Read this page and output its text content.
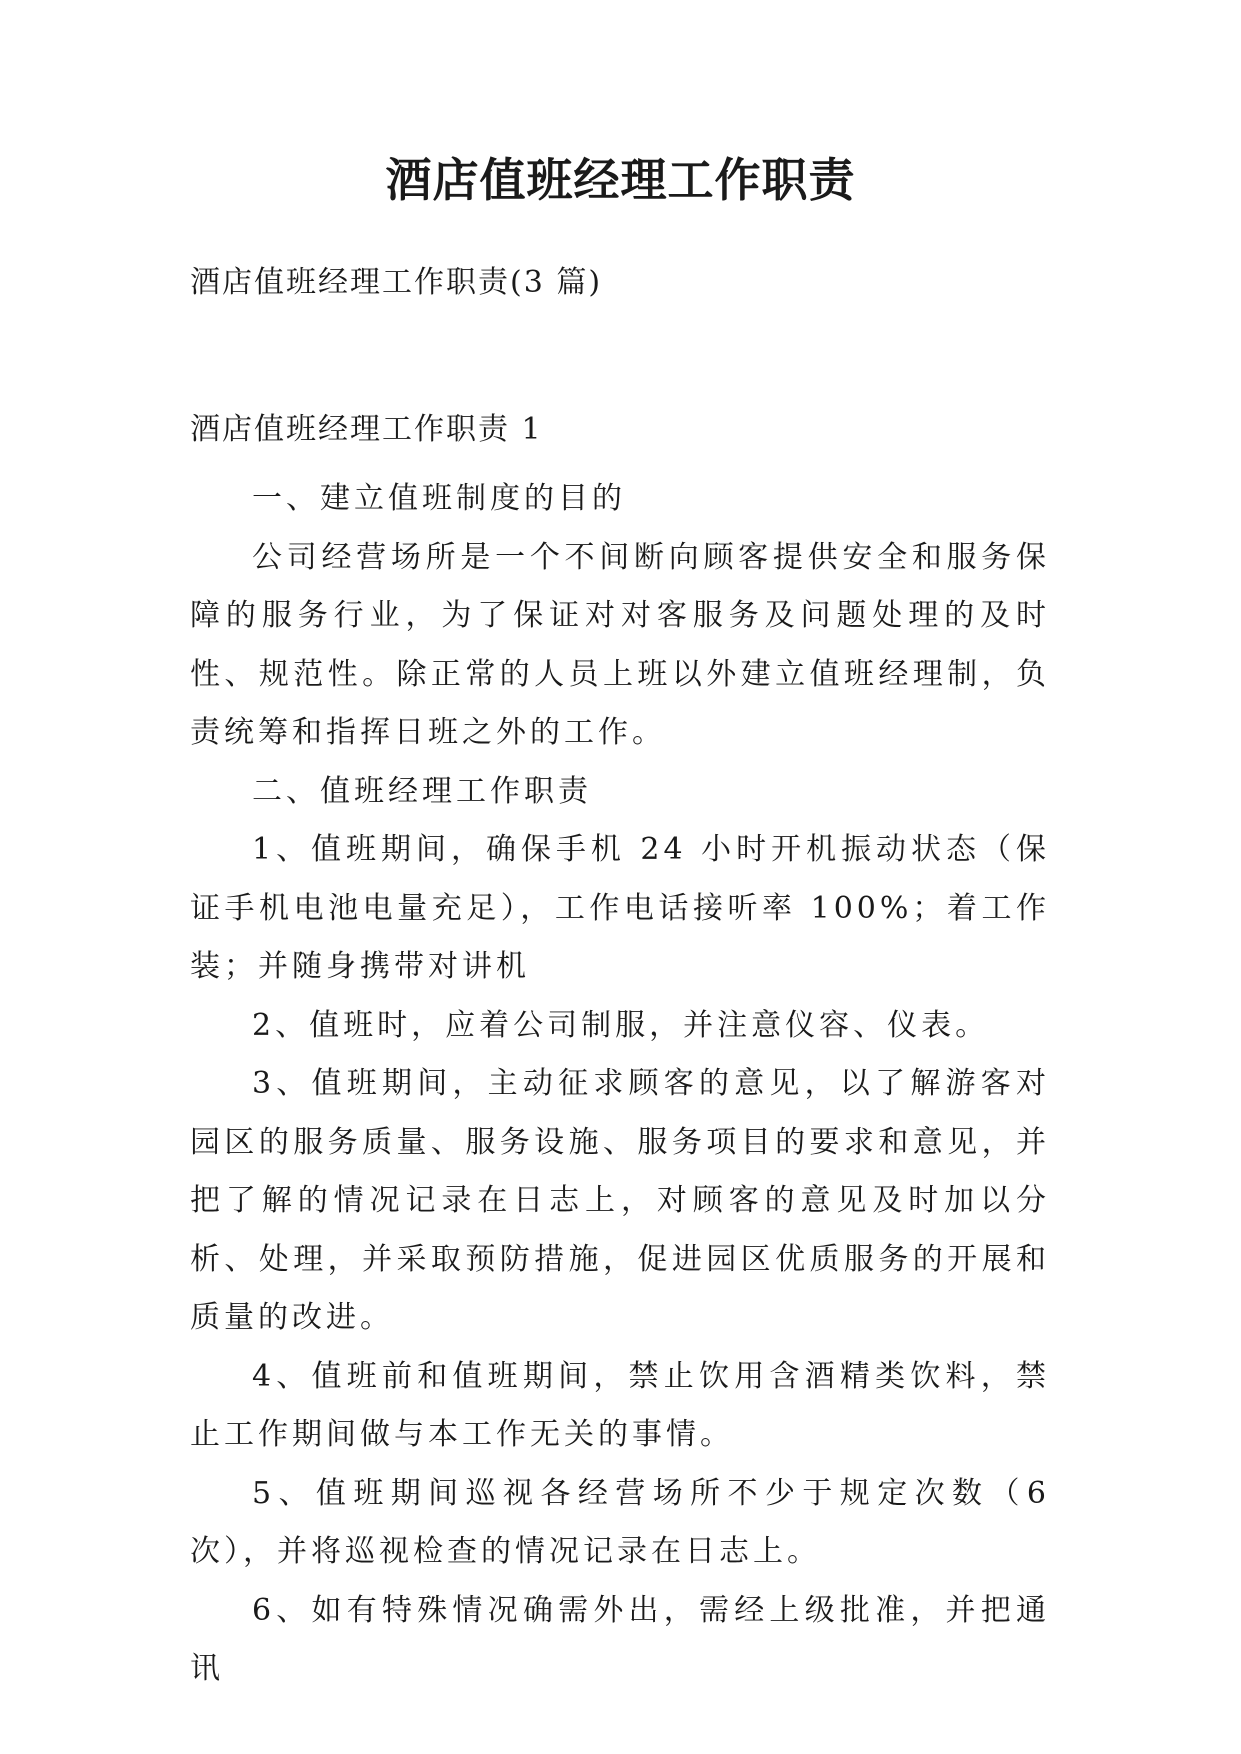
酒店值班经理工作职责
酒店值班经理工作职责(3 篇)
酒店值班经理工作职责 1

一、建立值班制度的目的

公司经营场所是一个不间断向顾客提供安全和服务保障的服务行业，为了保证对对客服务及问题处理的及时性、规范性。除正常的人员上班以外建立值班经理制，负责统筹和指挥日班之外的工作。

二、值班经理工作职责

1、值班期间，确保手机 24 小时开机振动状态（保证手机电池电量充足），工作电话接听率 100%；着工作装；并随身携带对讲机

2、值班时，应着公司制服，并注意仪容、仪表。

3、值班期间，主动征求顾客的意见，以了解游客对园区的服务质量、服务设施、服务项目的要求和意见，并把了解的情况记录在日志上，对顾客的意见及时加以分析、处理，并采取预防措施，促进园区优质服务的开展和质量的改进。

4、值班前和值班期间，禁止饮用含酒精类饮料，禁止工作期间做与本工作无关的事情。

5、值班期间巡视各经营场所不少于规定次数（6 次），并将巡视检查的情况记录在日志上。

6、如有特殊情况确需外出，需经上级批准，并把通讯
